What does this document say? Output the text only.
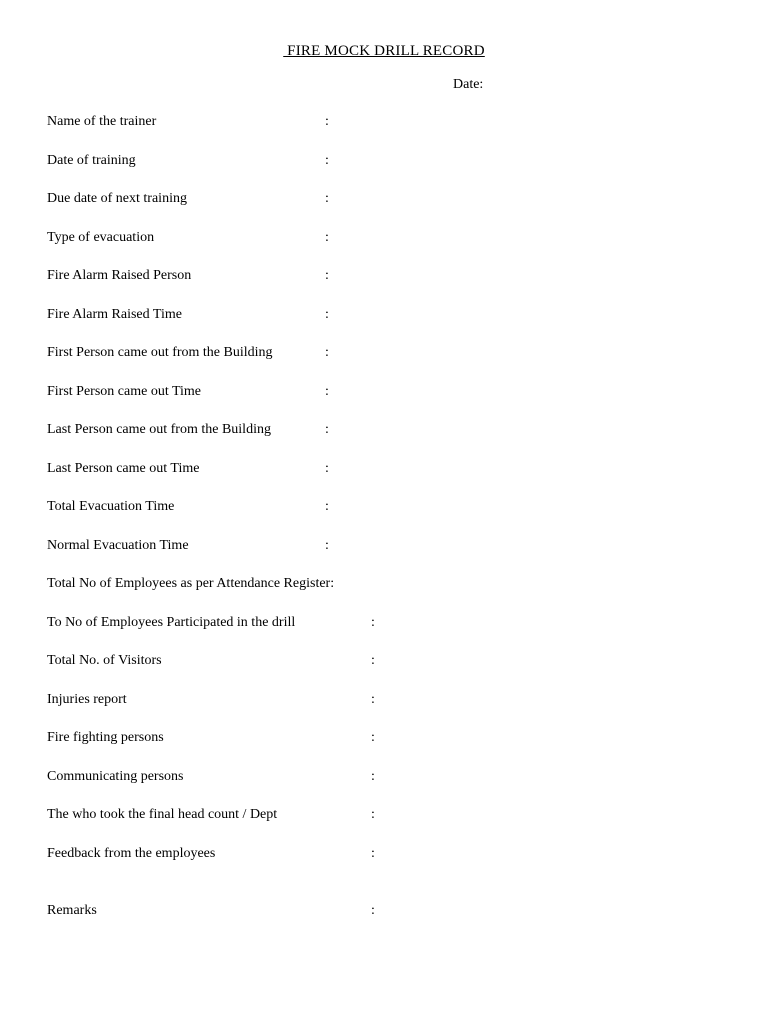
FIRE MOCK DRILL RECORD
Date:
Name of the trainer	:
Date of training	:
Due date of next training	:
Type of evacuation	:
Fire Alarm Raised Person	:
Fire Alarm Raised Time	:
First Person came out from the Building	:
First Person came out Time	:
Last Person came out from the Building	:
Last Person came out Time	:
Total Evacuation Time	:
Normal Evacuation Time	:
Total No of Employees as per Attendance Register:
To No of Employees Participated in the drill	:
Total No. of Visitors	:
Injuries report	:
Fire fighting persons	:
Communicating persons	:
The who took the final head count / Dept	:
Feedback from the employees	:
Remarks	:
